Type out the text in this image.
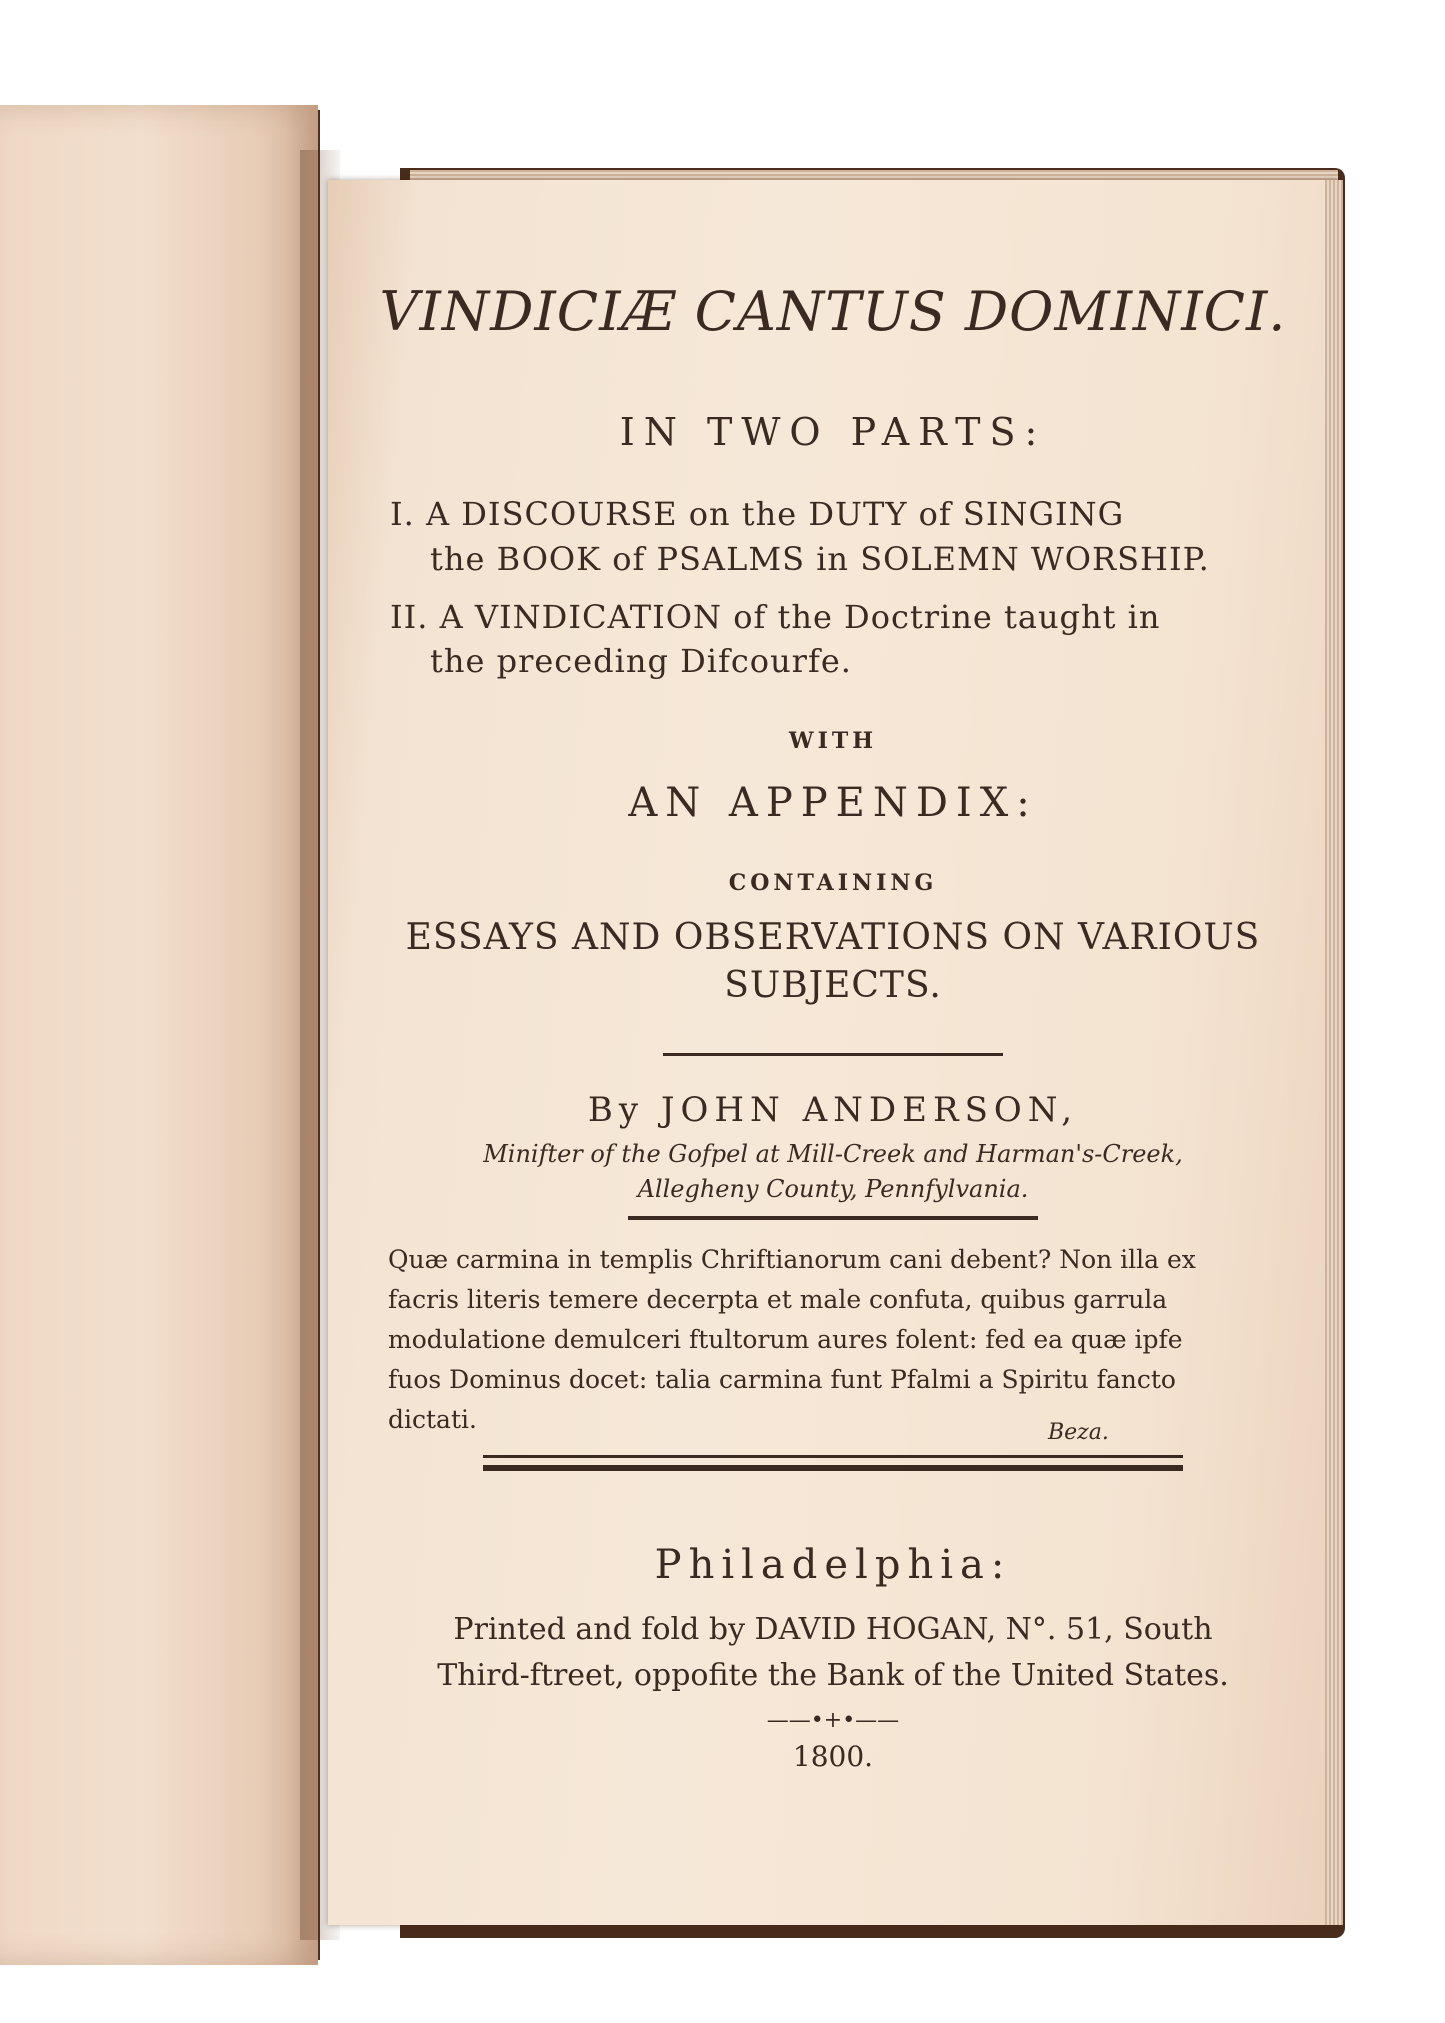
VINDICIÆ CANTUS DOMINICI.
IN TWO PARTS:
I. A DISCOURSE on the DUTY of SINGING
the BOOK of PSALMS in SOLEMN WORSHIP.
II. A VINDICATION of the Doctrine taught in
the preceding Difcourfe.
WITH
AN APPENDIX:
CONTAINING
ESSAYS AND OBSERVATIONS ON VARIOUS
SUBJECTS.
By JOHN ANDERSON,
Minifter of the Gofpel at Mill-Creek and Harman's-Creek,
Allegheny County, Pennfylvania.
Quæ carmina in templis Chriftianorum cani debent? Non illa ex
facris literis temere decerpta et male confuta, quibus garrula
modulatione demulceri ftultorum aures folent: fed ea quæ ipfe
fuos Dominus docet: talia carmina funt Pfalmi a Spiritu fancto
dictati.	Beza.
Philadelphia:
Printed and fold by DAVID HOGAN, N°. 51, South
Third-ftreet, oppofite the Bank of the United States.
——•+•——
1800.
